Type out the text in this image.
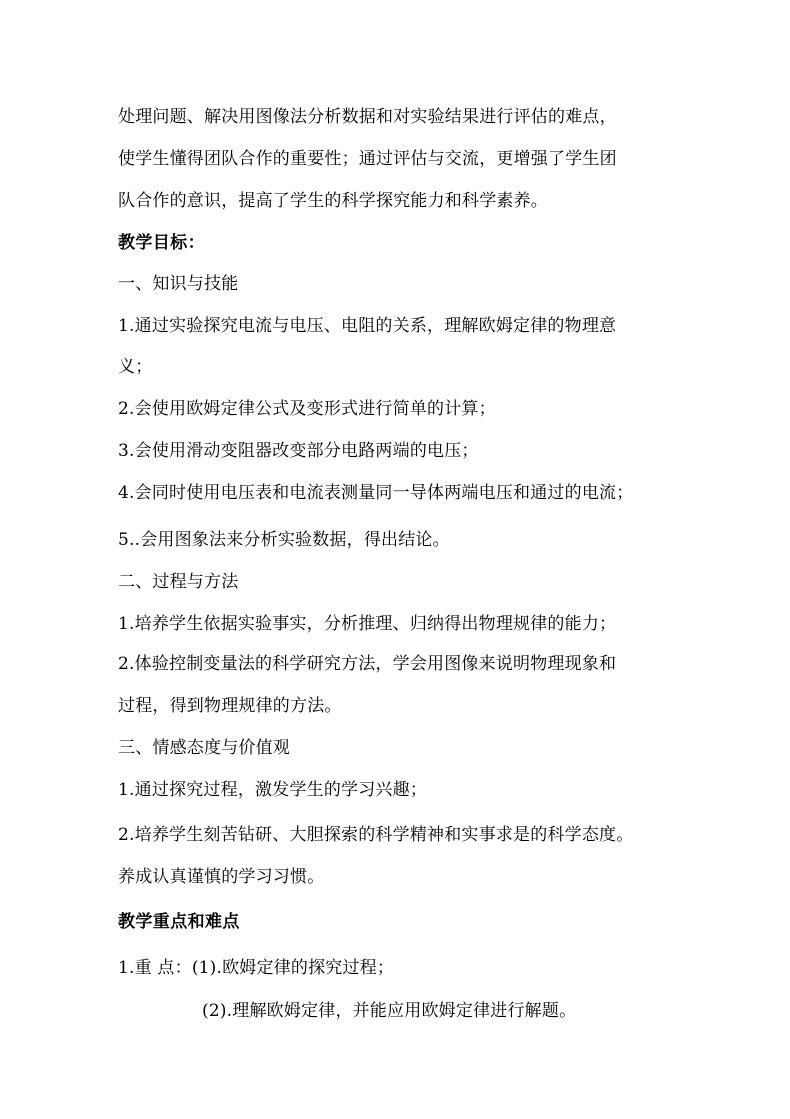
处理问题、解决用图像法分析数据和对实验结果进行评估的难点，
使学生懂得团队合作的重要性；通过评估与交流，更增强了学生团
队合作的意识，提高了学生的科学探究能力和科学素养。
教学目标：
一、知识与技能
1.通过实验探究电流与电压、电阻的关系，理解欧姆定律的物理意
义；
2.会使用欧姆定律公式及变形式进行简单的计算；
3.会使用滑动变阻器改变部分电路两端的电压；
4.会同时使用电压表和电流表测量同一导体两端电压和通过的电流；
5..会用图象法来分析实验数据，得出结论。
二、过程与方法
1.培养学生依据实验事实，分析推理、归纳得出物理规律的能力；
2.体验控制变量法的科学研究方法，学会用图像来说明物理现象和
过程，得到物理规律的方法。
三、情感态度与价值观
1.通过探究过程，激发学生的学习兴趣；
2.培养学生刻苦钻研、大胆探索的科学精神和实事求是的科学态度。
养成认真谨慎的学习习惯。
教学重点和难点
1.重 点：(1).欧姆定律的探究过程；
(2).理解欧姆定律，并能应用欧姆定律进行解题。
